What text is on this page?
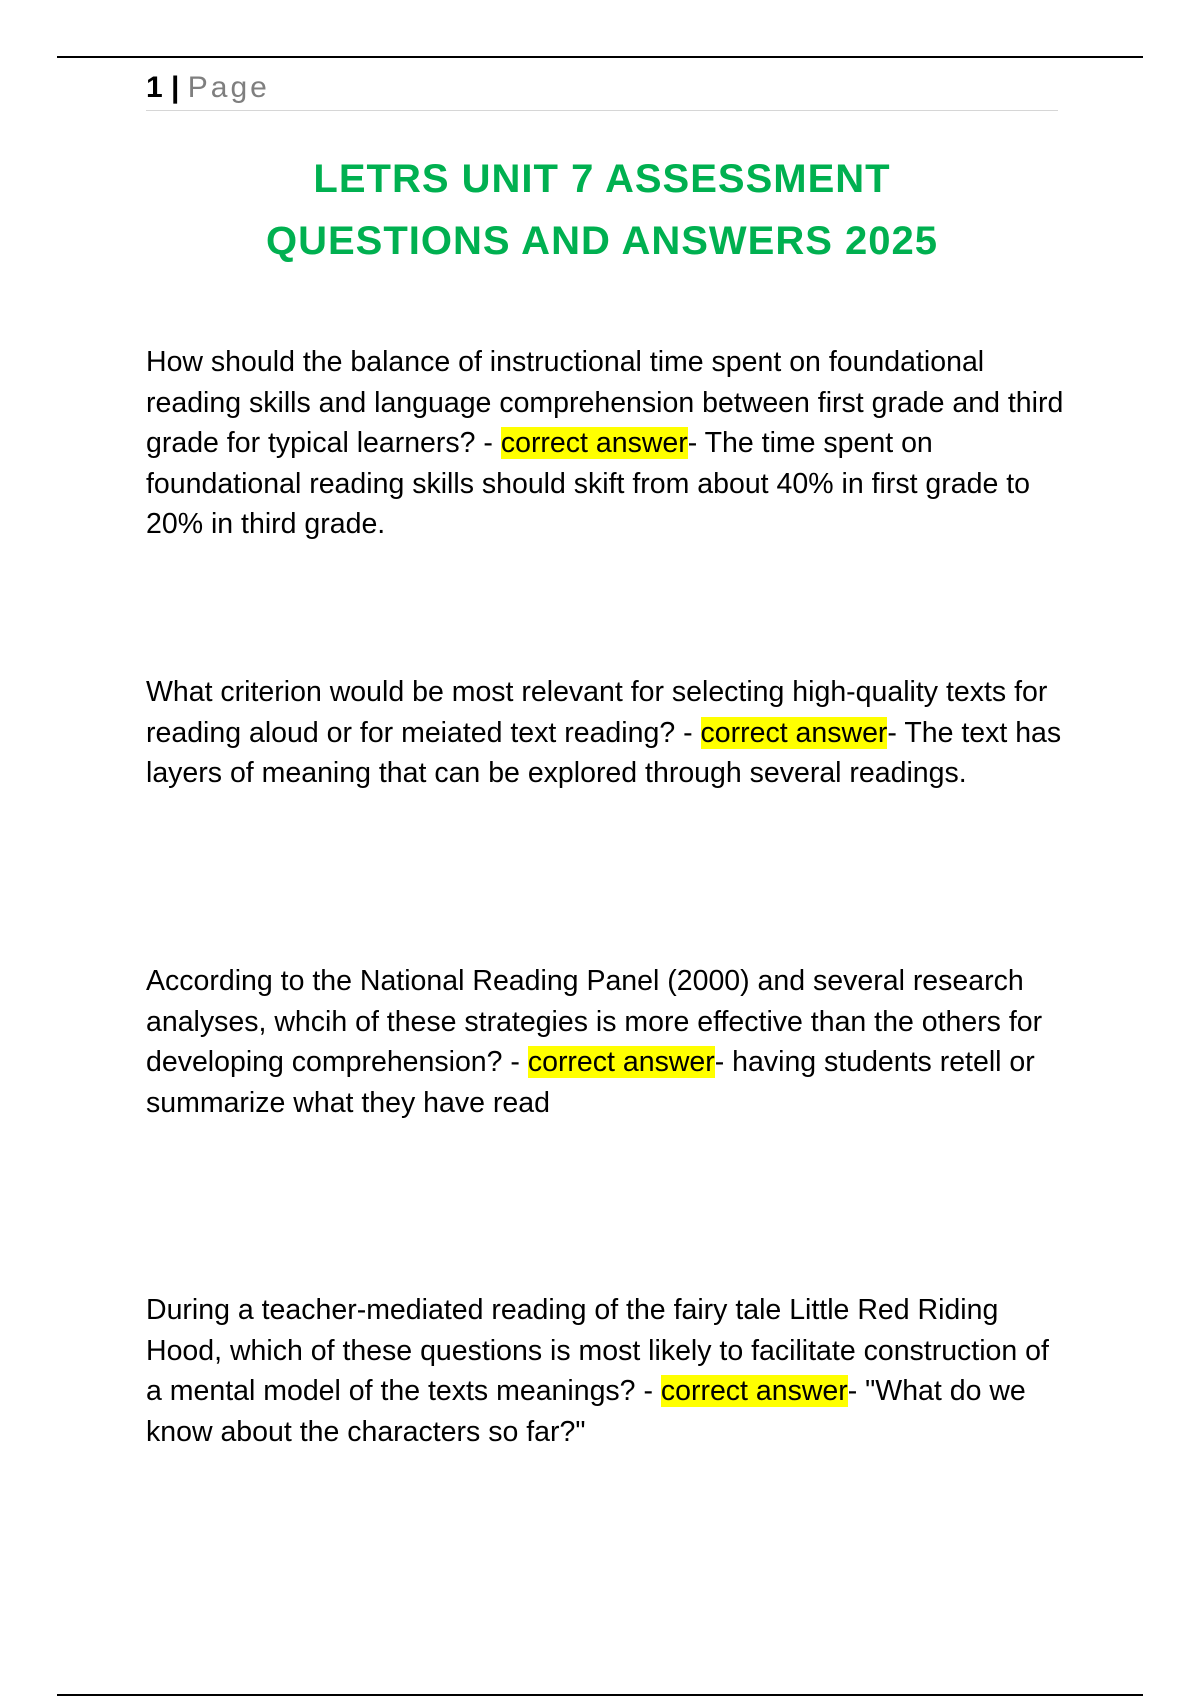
1 | Page
LETRS UNIT 7 ASSESSMENT
QUESTIONS AND ANSWERS 2025
How should the balance of instructional time spent on foundational reading skills and language comprehension between first grade and third grade for typical learners? - correct answer- The time spent on foundational reading skills should skift from about 40% in first grade to 20% in third grade.
What criterion would be most relevant for selecting high-quality texts for reading aloud or for meiated text reading? - correct answer- The text has layers of meaning that can be explored through several readings.
According to the National Reading Panel (2000) and several research analyses, whcih of these strategies is more effective than the others for developing comprehension? - correct answer- having students retell or summarize what they have read
During a teacher-mediated reading of the fairy tale Little Red Riding Hood, which of these questions is most likely to facilitate construction of a mental model of the texts meanings? - correct answer- "What do we know about the characters so far?"
